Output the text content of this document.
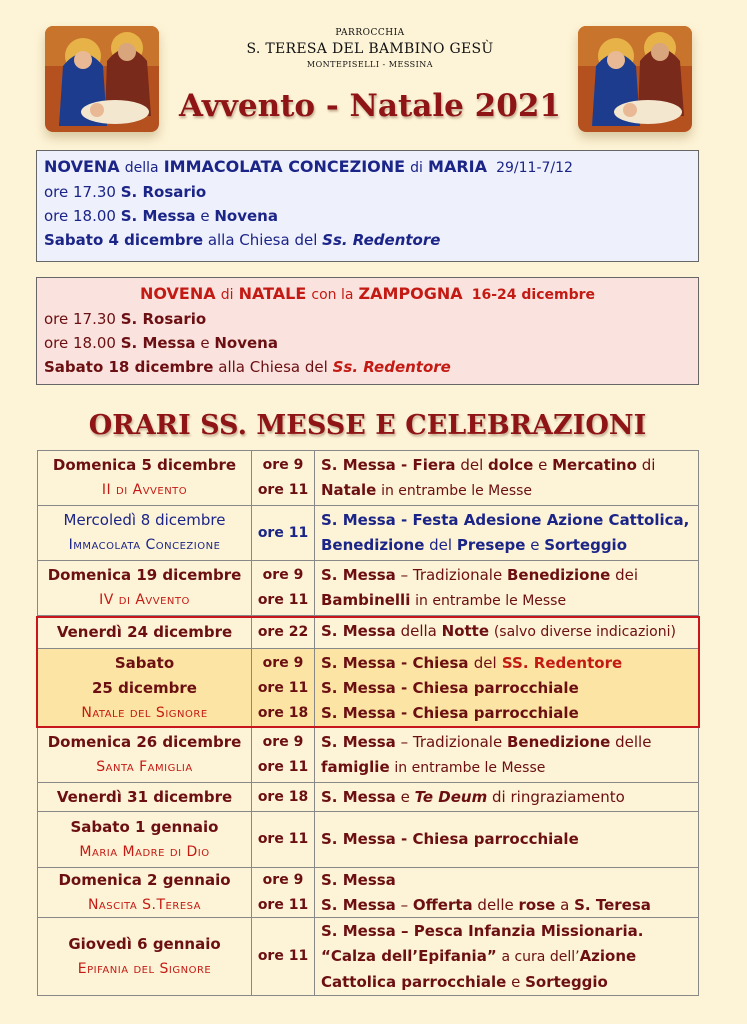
PARROCCHIA
S. TERESA DEL BAMBINO GESÙ
MONTEPISELLI - MESSINA
Avvento - Natale 2021
NOVENA della IMMACOLATA CONCEZIONE di MARIA 29/11-7/12
ore 17.30 S. Rosario
ore 18.00 S. Messa e Novena
Sabato 4 dicembre alla Chiesa del Ss. Redentore
NOVENA di NATALE con la ZAMPOGNA 16-24 dicembre
ore 17.30 S. Rosario
ore 18.00 S. Messa e Novena
Sabato 18 dicembre alla Chiesa del Ss. Redentore
ORARI SS. MESSE E CELEBRAZIONI
Domenica 5 dicembre
II di Avvento
ore 9
ore 11
S. Messa - Fiera del dolce e Mercatino di
Natale in entrambe le Messe
Mercoledì 8 dicembre
Immacolata Concezione
ore 11
S. Messa - Festa Adesione Azione Cattolica,
Benedizione del Presepe e Sorteggio
Domenica 19 dicembre
IV di Avvento
ore 9
ore 11
S. Messa – Tradizionale Benedizione dei
Bambinelli in entrambe le Messe
Venerdì 24 dicembre ore 22 S. Messa della Notte (salvo diverse indicazioni)
Sabato
25 dicembre
Natale del Signore
ore 9
ore 11
ore 18
S. Messa - Chiesa del SS. Redentore
S. Messa - Chiesa parrocchiale
S. Messa - Chiesa parrocchiale
Domenica 26 dicembre
Santa Famiglia
ore 9
ore 11
S. Messa – Tradizionale Benedizione delle
famiglie in entrambe le Messe
Venerdì 31 dicembre ore 18 S. Messa e Te Deum di ringraziamento
Sabato 1 gennaio
Maria Madre di Dio
ore 11 S. Messa - Chiesa parrocchiale
Domenica 2 gennaio
Nascita S.Teresa
ore 9
ore 11
S. Messa
S. Messa – Offerta delle rose a S. Teresa
Giovedì 6 gennaio
Epifania del Signore
ore 11
S. Messa – Pesca Infanzia Missionaria.
“Calza dell’Epifania” a cura dell’Azione
Cattolica parrocchiale e Sorteggio
